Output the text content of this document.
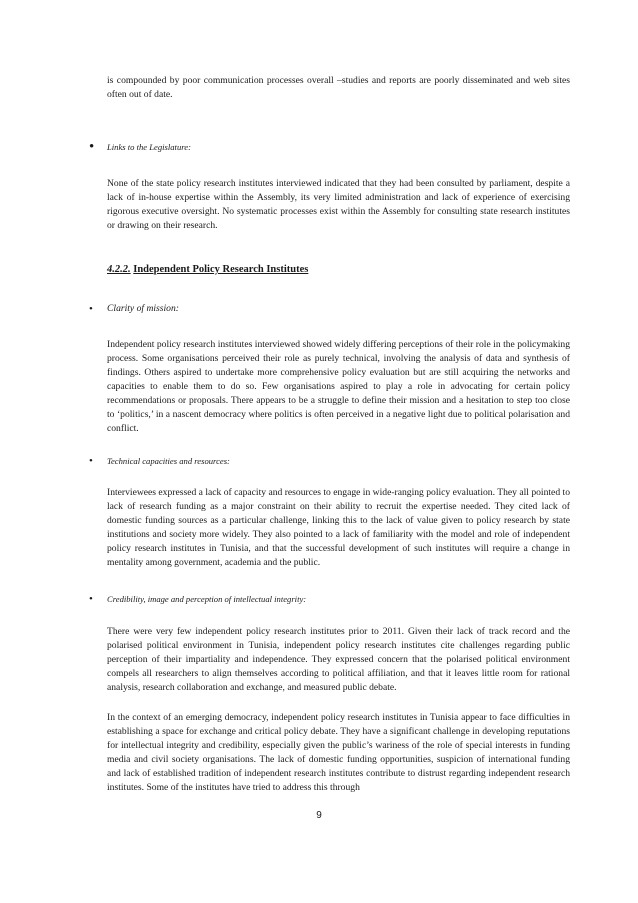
is compounded by poor communication processes overall –studies and reports are poorly disseminated and web sites often out of date.

• Links to the Legislature:

None of the state policy research institutes interviewed indicated that they had been consulted by parliament, despite a lack of in-house expertise within the Assembly, its very limited administration and lack of experience of exercising rigorous executive oversight. No systematic processes exist within the Assembly for consulting state research institutes or drawing on their research.

4.2.2. Independent Policy Research Institutes
• Clarity of mission:

Independent policy research institutes interviewed showed widely differing perceptions of their role in the policymaking process. Some organisations perceived their role as purely technical, involving the analysis of data and synthesis of findings. Others aspired to undertake more comprehensive policy evaluation but are still acquiring the networks and capacities to enable them to do so. Few organisations aspired to play a role in advocating for certain policy recommendations or proposals. There appears to be a struggle to define their mission and a hesitation to step too close to ‘politics,’ in a nascent democracy where politics is often perceived in a negative light due to political polarisation and conflict.

• Technical capacities and resources:

Interviewees expressed a lack of capacity and resources to engage in wide-ranging policy evaluation. They all pointed to lack of research funding as a major constraint on their ability to recruit the expertise needed. They cited lack of domestic funding sources as a particular challenge, linking this to the lack of value given to policy research by state institutions and society more widely. They also pointed to a lack of familiarity with the model and role of independent policy research institutes in Tunisia, and that the successful development of such institutes will require a change in mentality among government, academia and the public.

• Credibility, image and perception of intellectual integrity:

There were very few independent policy research institutes prior to 2011. Given their lack of track record and the polarised political environment in Tunisia, independent policy research institutes cite challenges regarding public perception of their impartiality and independence. They expressed concern that the polarised political environment compels all researchers to align themselves according to political affiliation, and that it leaves little room for rational analysis, research collaboration and exchange, and measured public debate.

In the context of an emerging democracy, independent policy research institutes in Tunisia appear to face difficulties in establishing a space for exchange and critical policy debate. They have a significant challenge in developing reputations for intellectual integrity and credibility, especially given the public’s wariness of the role of special interests in funding media and civil society organisations. The lack of domestic funding opportunities, suspicion of international funding and lack of established tradition of independent research institutes contribute to distrust regarding independent research institutes. Some of the institutes have tried to address this through

9
